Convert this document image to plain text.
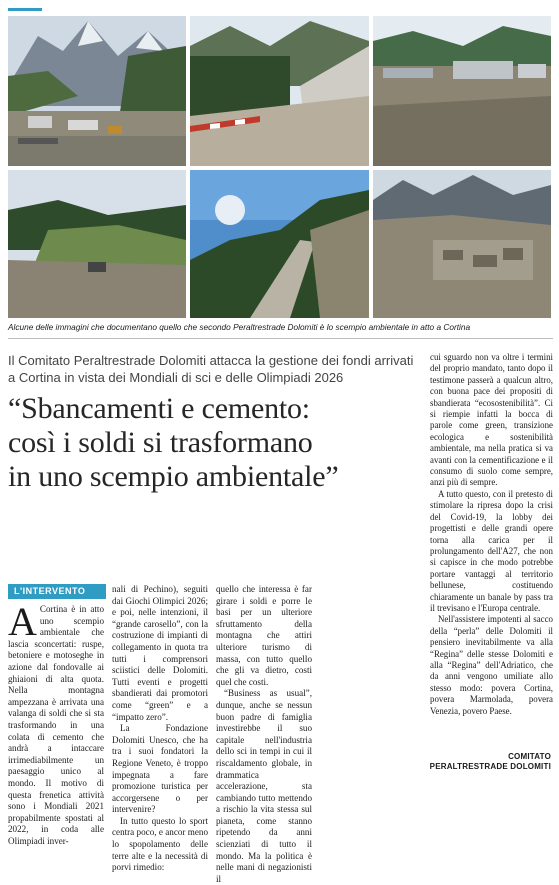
Alcune delle immagini che documentano quello che secondo Peraltrestrade Dolomiti è lo scempio ambientale in atto a Cortina
Il Comitato Peraltrestrade Dolomiti attacca la gestione dei fondi arrivati a Cortina in vista dei Mondiali di sci e delle Olimpiadi 2026
“Sbancamenti e cemento:
così i soldi si trasformano
in uno scempio ambientale”
L'INTERVENTO

A Cortina è in atto uno scempio ambientale che lascia sconcertati: ruspe, betoniere e motoseghe in azione dal fondovalle ai ghiaioni di alta quota. Nella montagna ampezzana è arrivata una valanga di soldi che si sta trasformando in una colata di cemento che andrà a intaccare irrimediabilmente un paesaggio unico al mondo. Il motivo di questa frenetica attività sono i Mondiali 2021 propabilmente spostati al 2022, in coda alle Olimpiadi inver-

nali di Pechino), seguiti dai Giochi Olimpici 2026; e poi, nelle intenzioni, il “grande carosello”, con la costruzione di impianti di collegamento in quota tra tutti i comprensori sciistici delle Dolomiti. Tutti eventi e progetti sbandierati dai promotori come “green” e a “impatto zero”.

La Fondazione Dolomiti Unesco, che ha tra i suoi fondatori la Regione Veneto, è troppo impegnata a fare promozione turistica per accorgersene o per intervenire?

In tutto questo lo sport centra poco, e ancor meno lo spopolamento delle terre alte e la necessità di porvi rimedio:

quello che interessa è far girare i soldi e porre le basi per un ulteriore sfruttamento della montagna che attiri ulteriore turismo di massa, con tutto quello che gli va dietro, costi quel che costi.

“Business as usual”, dunque, anche se nessun buon padre di famiglia investirebbe il suo capitale nell'industria dello sci in tempi in cui il riscaldamento globale, in drammatica accelerazione, sta cambiando tutto mettendo a rischio la vita stessa sul pianeta, come stanno ripetendo da anni scienziati di tutto il mondo. Ma la politica è nelle mani di negazionisti il

cui sguardo non va oltre i termini del proprio mandato, tanto dopo il testimone passerà a qualcun altro, con buona pace dei propositi di sbandierata “ecosostenibilità”. Ci si riempie infatti la bocca di parole come green, transizione ecologica e sostenibilità ambientale, ma nella pratica si va avanti con la cementificazione e il consumo di suolo come sempre, anzi più di sempre.

A tutto questo, con il pretesto di stimolare la ripresa dopo la crisi del Covid-19, la lobby dei progettisti e delle grandi opere torna alla carica per il prolungamento dell'A27, che non si capisce in che modo potrebbe portare vantaggi al territorio bellunese, costituendo chiaramente un banale by pass tra il trevisano e l'Europa centrale.

Nell'assistere impotenti al sacco della “perla” delle Dolomiti il pensiero inevitabilmente va alla “Regina” delle stesse Dolomiti e alla “Regina” dell'Adriatico, che da anni vengono umiliate allo stesso modo: povera Cortina, povera Marmolada, povera Venezia, povero Paese.

COMITATO
PERALTRESTRADE DOLOMITI
